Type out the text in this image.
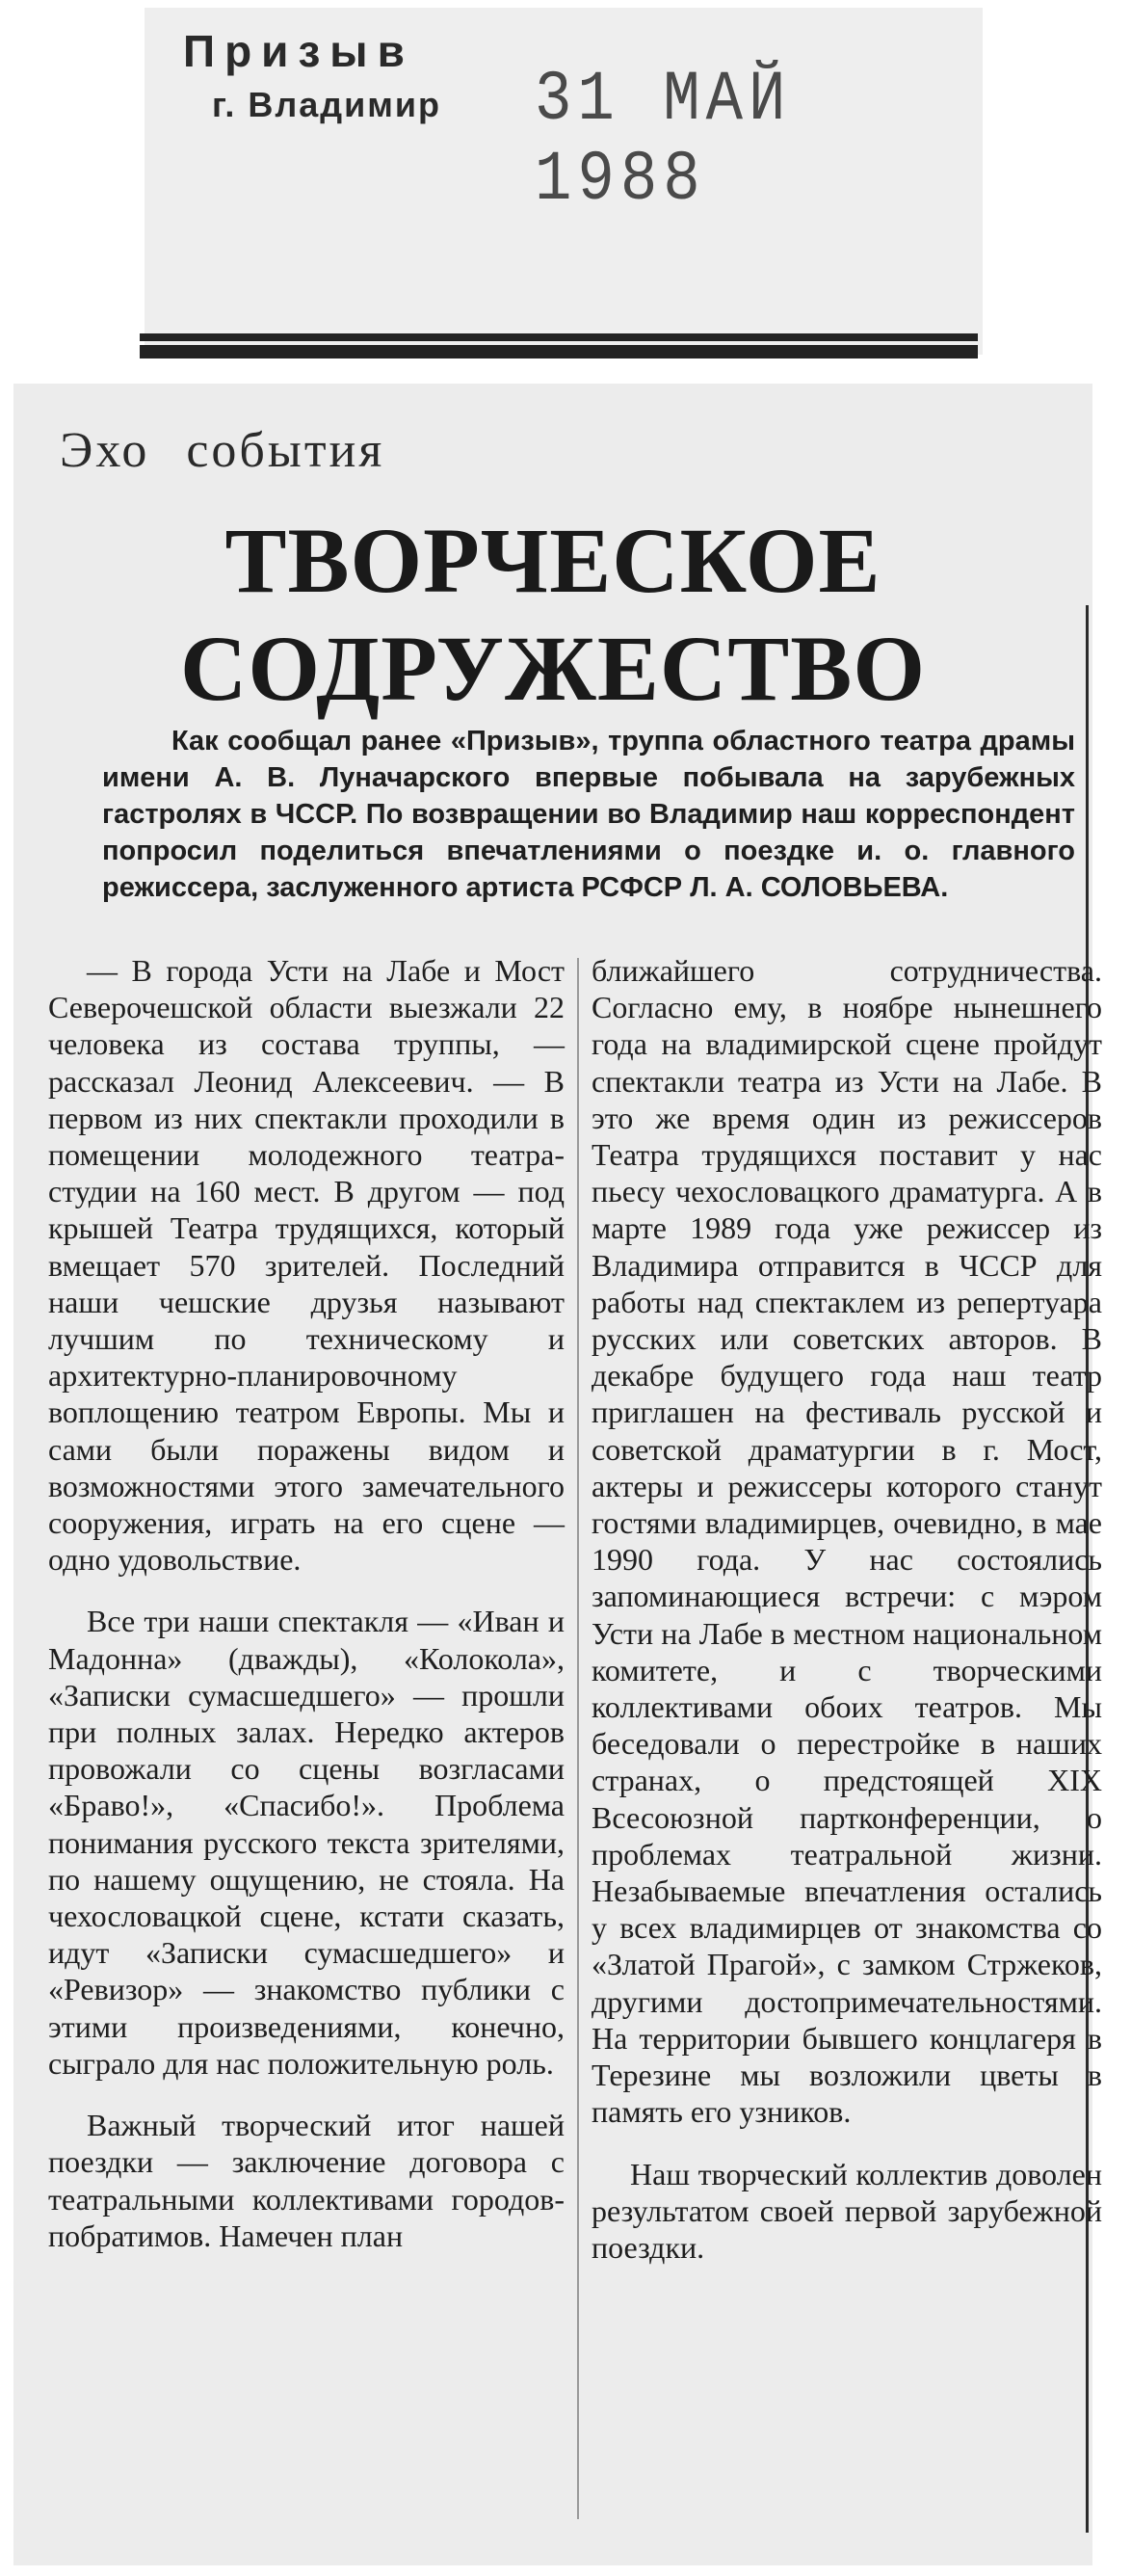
Призыв
г. Владимир 31 МАЙ 1988
Эхо события
ТВОРЧЕСКОЕ
СОДРУЖЕСТВО

Как сообщал ранее «Призыв», труппа областного театра драмы имени А. В. Луначарского впервые побывала на зарубежных гастролях в ЧССР. По возвращении во Владимир наш корреспондент попросил поделиться впечатлениями о поездке и. о. главного режиссера, заслуженного артиста РСФСР Л. А. СОЛОВЬЕВА.

— В города Усти на Лабе и Мост Северочешской области выезжали 22 человека из состава труппы, — рассказал Леонид Алексеевич. — В первом из них спектакли проходили в помещении молодежного театра-студии на 160 мест. В другом — под крышей Театра трудящихся, который вмещает 570 зрителей. Последний наши чешские друзья называют лучшим по техническому и архитектурно-планировочному воплощению театром Европы. Мы и сами были поражены видом и возможностями этого замечательного сооружения, играть на его сцене — одно удовольствие.

Все три наши спектакля — «Иван и Мадонна» (дважды), «Колокола», «Записки сумасшедшего» — прошли при полных залах. Нередко актеров провожали со сцены возгласами «Браво!», «Спасибо!». Проблема понимания русского текста зрителями, по нашему ощущению, не стояла. На чехословацкой сцене, кстати сказать, идут «Записки сумасшедшего» и «Ревизор» — знакомство публики с этими произведениями, конечно, сыграло для нас положительную роль.

Важный творческий итог нашей поездки — заключение договора с театральными коллективами городов-побратимов. Намечен план

ближайшего сотрудничества. Согласно ему, в ноябре нынешнего года на владимирской сцене пройдут спектакли театра из Усти на Лабе. В это же время один из режиссеров Театра трудящихся поставит у нас пьесу чехословацкого драматурга. А в марте 1989 года уже режиссер из Владимира отправится в ЧССР для работы над спектаклем из репертуара русских или советских авторов. В декабре будущего года наш театр приглашен на фестиваль русской и советской драматургии в г. Мост, актеры и режиссеры которого станут гостями владимирцев, очевидно, в мае 1990 года. У нас состоялись запоминающиеся встречи: с мэром Усти на Лабе в местном национальном комитете, и с творческими коллективами обоих театров. Мы беседовали о перестройке в наших странах, о предстоящей XIX Всесоюзной партконференции, о проблемах театральной жизни. Незабываемые впечатления остались у всех владимирцев от знакомства со «Златой Прагой», с замком Стржеков, другими достопримечательностями. На территории бывшего концлагеря в Терезине мы возложили цветы в память его узников.

Наш творческий коллектив доволен результатом своей первой зарубежной поездки.
